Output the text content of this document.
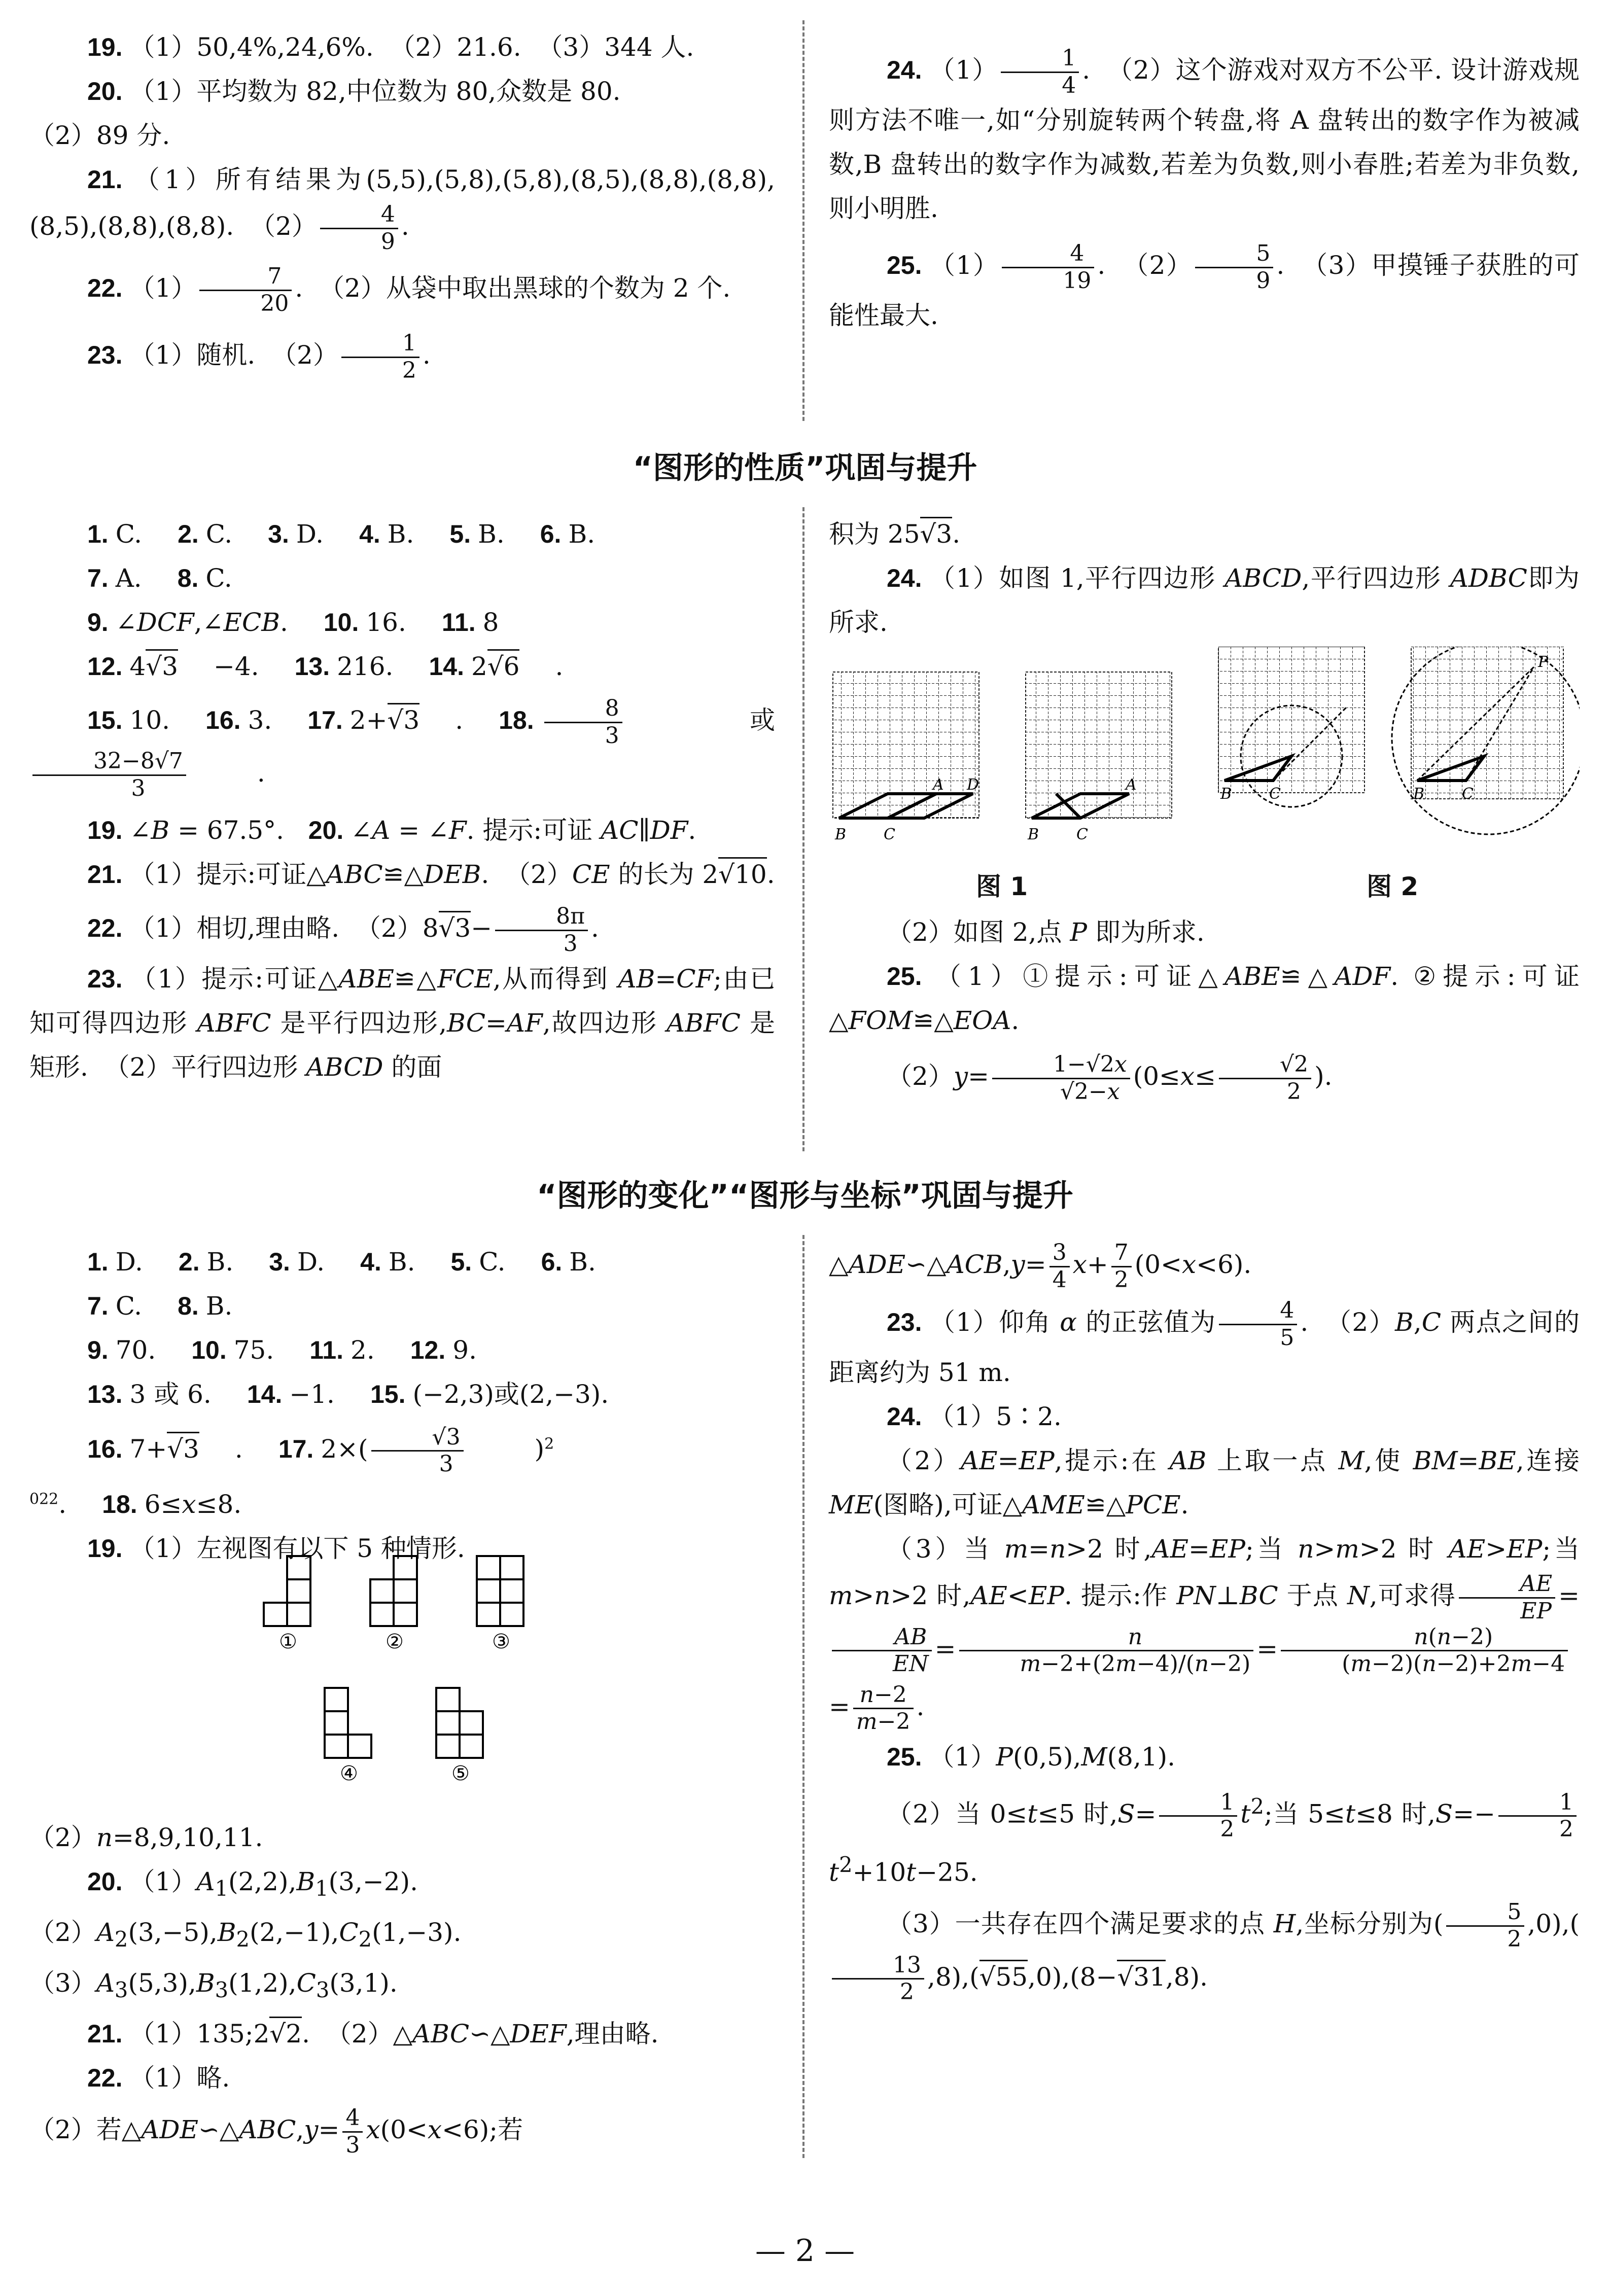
19. （1）50,4%,24,6%.  （2）21.6.  （3）344 人.

20. （1）平均数为 82,中位数为 80,众数是 80.

（2）89 分.

21. （1）所有结果为(5,5),(5,8),(5,8),(8,5),(8,8),(8,8),(8,5),(8,8),(8,8).  $(2) \frac{4}{9}$ .

22. $(1) \frac{7}{20}$ .  （2）从袋中取出黑球的个数为 2 个.

23. （1）随机.  $(2) \frac{1}{2}$ .

24. $(1) \frac{1}{4}$ .  （2）这个游戏对双方不公平. 设计游戏规则方法不唯一,如“分别旋转两个转盘,将 A 盘转出的数字作为被减数,B 盘转出的数字作为减数,若差为负数,则小春胜;若差为非负数,则小明胜.

25. $(1) \frac{4}{19}$ .  $(2) \frac{5}{9}$ .  （3）甲摸锤子获胜的可能性最大.

“图形的性质”巩固与提升

1. C. 2. C. 3. D. 4. B. 5. B. 6. B.

7. A. 8. C.

9. ∠DCF,∠ECB. 10. 16. 11. 8

12. 4√3 −4. 13. 216. 14. 2√6 .

15. 10. 16. 3. 17. 2+√3 . 18. $\frac{8}{3}$ 或
$\frac{32-8√7}{3}$ .

19. ∠B = 67.5°.   20. ∠A = ∠F. 提示:可证 AC∥DF.

21. （1）提示:可证△ABC≌△DEB.  （2）CE 的长为 2√10.

22. （1）相切,理由略.  $(2)8√3- \frac{8\pi}{3}$ .

23. （1）提示:可证△ABE≌△FCE,从而得到 AB=CF;由已知可得四边形 ABFC 是平行四边形,BC=AF,故四边形 ABFC 是矩形.  （2）平行四边形 ABCD 的面

积为 25√3.

24. （1）如图 1,平行四边形 ABCD,平行四边形 ADBC即为所求.

B C
A D
B C
A
B C	B C
P
图 1	图 2

（2）如图 2,点 P 即为所求.

25. （1）①提示:可证△ABE≌△ADF. ②提示:可证△FOM≌△EOA.

$(2)y= \frac{1-√2x}{√2-x} (0\le x\le \frac{√2}{2}$ ).

“图形的变化”“图形与坐标”巩固与提升

1. D. 2. B. 3. D. 4. B. 5. C. 6. B.

7. C. 8. B.

9. 70. 10. 75. 11. 2. 12. 9.

13. 3 或 6. 14. −1. 15. (−2,3)或(2,−3).

16. 7+√3 . 17. $2\times( \frac{√3}{3} )^{2 022}$. 18. 6≤x≤8.

19. （1）左视图有以下 5 种情形.

①	②	③
④	⑤

（2）n=8,9,10,11.

20. $(1)A_1(2,2),B_1(3,-2)$.

$(2)A_2(3,-5),B_2(2,-1),C_2(1,-3)$.

$(3)A_3(5,3),B_3(1,2),C_3(3,1)$.

21. （1）135;2√2.  （2）△ABC∽△DEF,理由略.

22. （1）略.

（2）若△ADE∽△ABC,y= $\frac{4}{3} x(0<x<6)$;若

△ADE∽△ACB,y= $\frac{3}{4} x+ \frac{7}{2} (0<x<6)$.

23. （1）仰角 α 的正弦值为 $\frac{4}{5}$ .  （2）B,C 两点之间的距离约为 51 m.

24. （1）5∶2.

（2）AE=EP,提示:在 AB 上取一点 M,使 BM=BE,连接 ME(图略),可证△AME≌△PCE.

（3）当 m=n>2 时,AE=EP;当 n>m>2 时 AE>EP;当 m>n>2 时,AE<EP. 提示:作 PN⊥BC 于点 N,可求得 $\frac{AE}{EP}$ =
$\frac{AB}{EN} = \frac{n}{m-2+(2m-4)/(n-2)} = \frac{n(n-2)}{(m-2)(n-2)+2m-4}$

= $\frac{n-2}{m-2}$ .

25. （1）P(0,5),M(8,1).

（2）当 0≤t≤5 时$,S= \frac{1}{2} t^2$;当 5≤t≤8 时$,S=- \frac{1}{2}$
$t^2+10t-25$.

（3）一共存在四个满足要求的点 H,坐标分别为( $\frac{5}{2} ,0$),(
$\frac{13}{2} ,8),(√55,0),(8-√31,8)$.

— 2 —
